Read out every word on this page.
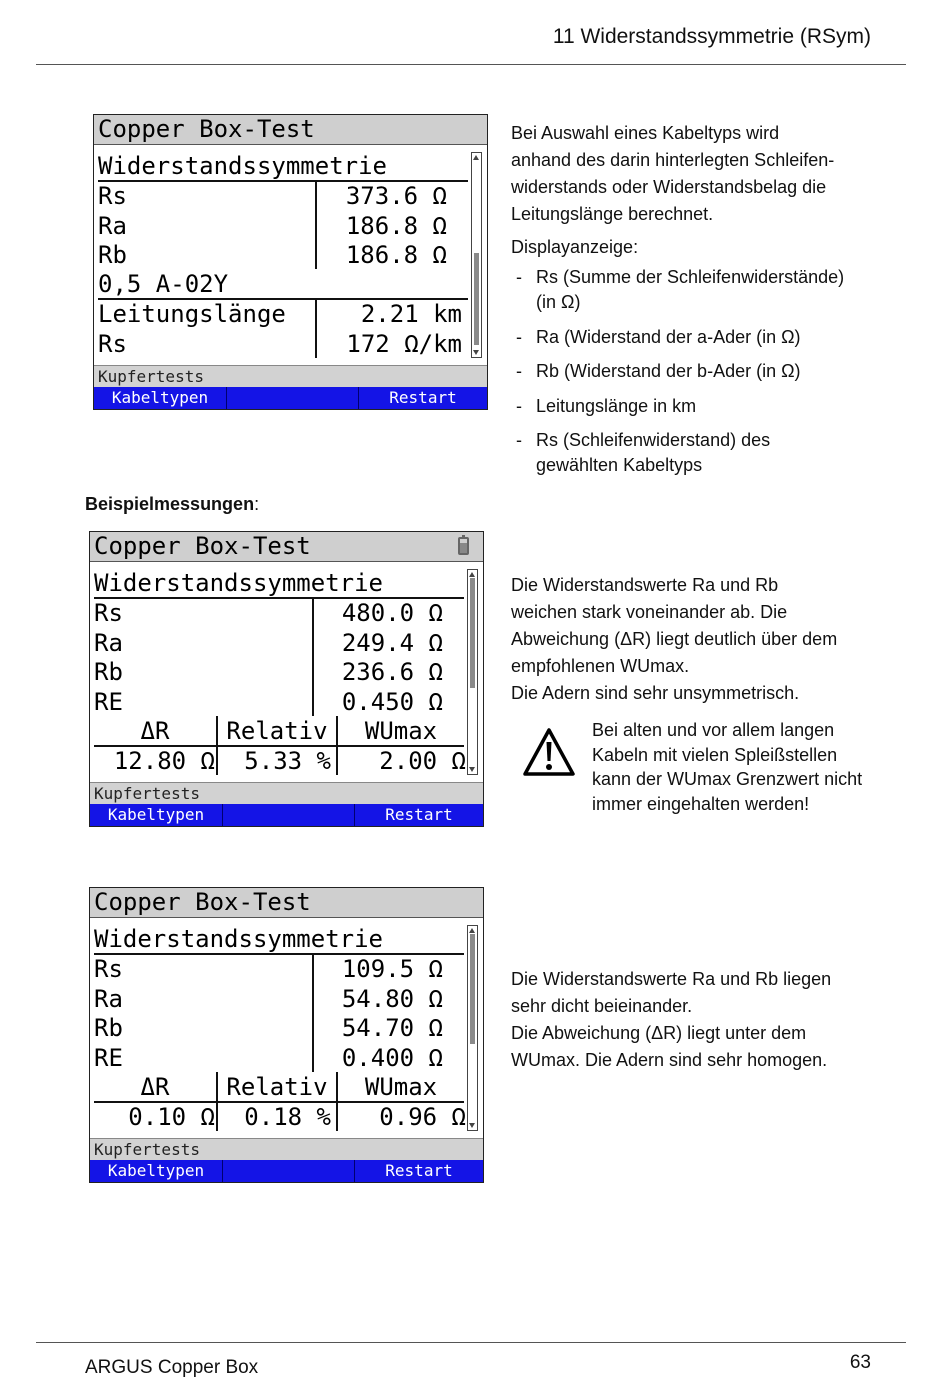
11 Widerstandssymmetrie (RSym)
Copper Box-Test
Widerstandssymmetrie
Rs	373.6 Ω
Ra	186.8 Ω
Rb	186.8 Ω
0,5 A-02Y
Leitungslänge	2.21 km
Rs	172 Ω/km
Kupfertests
Kabeltypen	Restart
Bei Auswahl eines Kabeltyps wird
anhand des darin hinterlegten Schleifen-
widerstands oder Widerstandsbelag die
Leitungslänge berechnet.
Displayanzeige:
- Rs (Summe der Schleifenwiderstände)
(in Ω)
- Ra (Widerstand der a-Ader (in Ω)
- Rb (Widerstand der b-Ader (in Ω)
- Leitungslänge in km
- Rs (Schleifenwiderstand) des
gewählten Kabeltyps
Beispielmessungen:
Copper Box-Test
Widerstandssymmetrie
Rs	480.0 Ω
Ra	249.4 Ω
Rb	236.6 Ω
RE	0.450 Ω
ΔR	Relativ	WUmax
12.80 Ω	5.33 %	2.00 Ω
Kupfertests
Kabeltypen	Restart
Die Widerstandswerte Ra und Rb
weichen stark voneinander ab. Die
Abweichung (ΔR) liegt deutlich über dem
empfohlenen WUmax.
Die Adern sind sehr unsymmetrisch.
Bei alten und vor allem langen
Kabeln mit vielen Spleißstellen
kann der WUmax Grenzwert nicht
immer eingehalten werden!
Copper Box-Test
Widerstandssymmetrie
Rs	109.5 Ω
Ra	54.80 Ω
Rb	54.70 Ω
RE	0.400 Ω
ΔR	Relativ	WUmax
0.10 Ω	0.18 %	0.96 Ω
Kupfertests
Kabeltypen	Restart
Die Widerstandswerte Ra und Rb liegen
sehr dicht beieinander.
Die Abweichung (ΔR) liegt unter dem
WUmax. Die Adern sind sehr homogen.
ARGUS Copper Box	63
